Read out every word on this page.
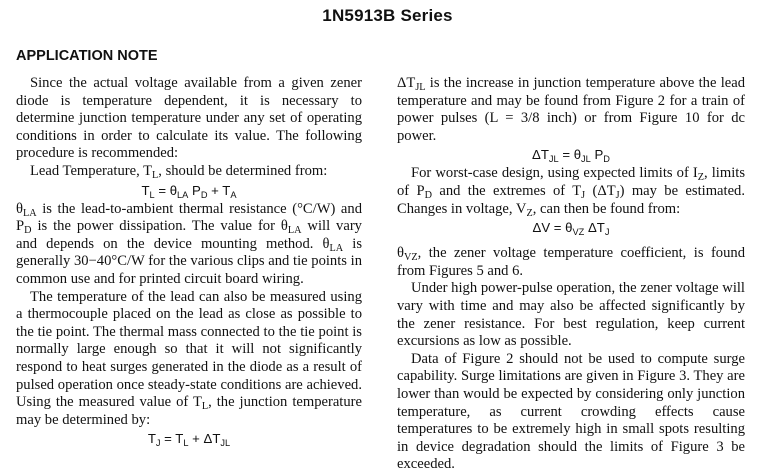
1N5913B Series
APPLICATION NOTE

Since the actual voltage available from a given zener diode is temperature dependent, it is necessary to determine junction temperature under any set of operating conditions in order to calculate its value. The following procedure is recommended:

Lead Temperature, $T_L$, should be determined from:

$T_L = \theta_{LA}$ $P_D + T_A$

$\theta_{LA}$ is the lead-to-ambient thermal resistance (°C/W) and $P_D$ is the power dissipation. The value for $\theta_{LA}$ will vary and depends on the device mounting method. $\theta_{LA}$ is generally 30−40°C/W for the various clips and tie points in common use and for printed circuit board wiring.

The temperature of the lead can also be measured using a thermocouple placed on the lead as close as possible to the tie point. The thermal mass connected to the tie point is normally large enough so that it will not significantly respond to heat surges generated in the diode as a result of pulsed operation once steady-state conditions are achieved. Using the measured value of $T_L$, the junction temperature may be determined by:

$T_J = T_L + \Delta T_{JL}$

$\Delta T_{JL}$ is the increase in junction temperature above the lead temperature and may be found from Figure 2 for a train of power pulses (L = 3/8 inch) or from Figure 10 for dc power.

$\Delta T_{JL} = \theta_{JL}$ $P_D$

For worst-case design, using expected limits of $I_Z$, limits of $P_D$ and the extremes of $T_J$ $(\Delta T_J)$ may be estimated. Changes in voltage, $V_Z$, can then be found from:

$\Delta V = \theta_{VZ}$ $\Delta T_J$

$\theta_{VZ}$, the zener voltage temperature coefficient, is found from Figures 5 and 6.

Under high power-pulse operation, the zener voltage will vary with time and may also be affected significantly by the zener resistance. For best regulation, keep current excursions as low as possible.

Data of Figure 2 should not be used to compute surge capability. Surge limitations are given in Figure 3. They are lower than would be expected by considering only junction temperature, as current crowding effects cause temperatures to be extremely high in small spots resulting in device degradation should the limits of Figure 3 be exceeded.
